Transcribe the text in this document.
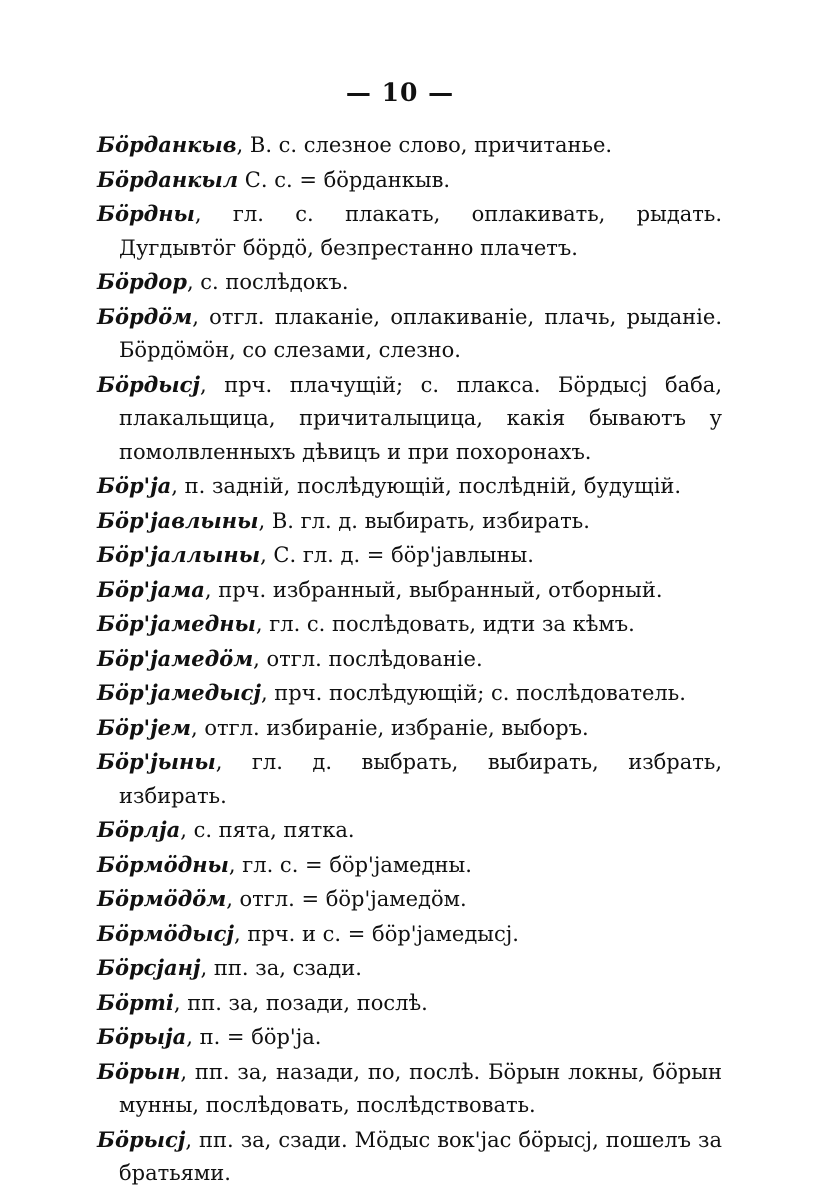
— 10 —
Бöрданкыв, В. с. слезное слово, причитанье.
Бöрданкыл С. с. = бöрданкыв.
Бöрдны, гл. с. плакать, оплакивать, рыдать. Дугдывтöг бöрдö, безпрестанно плачетъ.
Бöрдор, с. послѣдокъ.
Бöрдöм, отгл. плаканіе, оплакиваніе, плачь, рыданіе. Бöрдöмöн, со слезами, слезно.
Бöрдысј, прч. плачущій; с. плакса. Бöрдысј баба, плакальщица, причиталыцица, какія бываютъ у помолвленныхъ дѣвицъ и при похоронахъ.
Бöр'ја, п. задній, послѣдующій, послѣдній, будущій.
Бöр'јавлыны, В. гл. д. выбирать, избирать.
Бöр'јаллыны, С. гл. д. = бöр'јавлыны.
Бöр'јама, прч. избранный, выбранный, отборный.
Бöр'јамедны, гл. с. послѣдовать, идти за кѣмъ.
Бöр'јамедöм, отгл. послѣдованіе.
Бöр'јамедысј, прч. послѣдующій; с. послѣдователь.
Бöр'јем, отгл. избираніе, избраніе, выборъ.
Бöр'јыны, гл. д. выбрать, выбирать, избрать, избирать.
Бöрлја, с. пята, пятка.
Бöрмöдны, гл. с. = бöр'јамедны.
Бöрмöдöм, отгл. = бöр'јамедöм.
Бöрмöдысј, прч. и с. = бöр'јамедысј.
Бöрсјанј, пп. за, сзади.
Бöрті, пп. за, позади, послѣ.
Бöрыја, п. = бöр'ја.
Бöрын, пп. за, назади, по, послѣ. Бöрын локны, бöрын мунны, послѣдовать, послѣдствовать.
Бöрысј, пп. за, сзади. Мöдыс вок'јас бöрысј, пошелъ за братьями.
